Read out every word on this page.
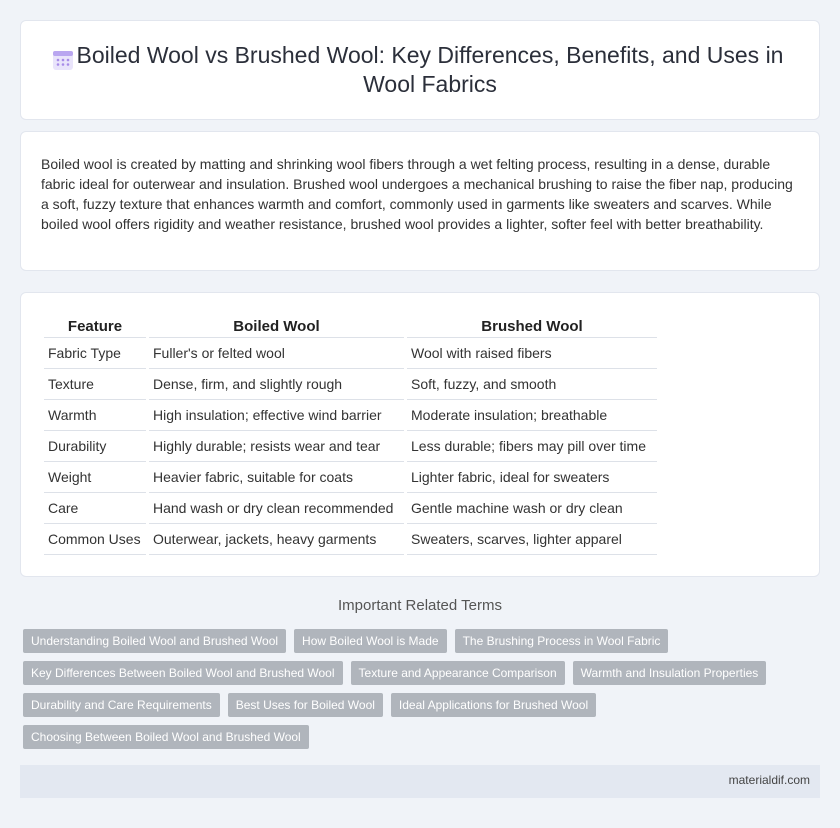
Boiled Wool vs Brushed Wool: Key Differences, Benefits, and Uses in Wool Fabrics

Boiled wool is created by matting and shrinking wool fibers through a wet felting process, resulting in a dense, durable fabric ideal for outerwear and insulation. Brushed wool undergoes a mechanical brushing to raise the fiber nap, producing a soft, fuzzy texture that enhances warmth and comfort, commonly used in garments like sweaters and scarves. While boiled wool offers rigidity and weather resistance, brushed wool provides a lighter, softer feel with better breathability.

Feature	Boiled Wool	Brushed Wool
Fabric Type	Fuller's or felted wool	Wool with raised fibers
Texture	Dense, firm, and slightly rough	Soft, fuzzy, and smooth
Warmth	High insulation; effective wind barrier	Moderate insulation; breathable
Durability	Highly durable; resists wear and tear	Less durable; fibers may pill over time
Weight	Heavier fabric, suitable for coats	Lighter fabric, ideal for sweaters
Care	Hand wash or dry clean recommended	Gentle machine wash or dry clean
Common Uses	Outerwear, jackets, heavy garments	Sweaters, scarves, lighter apparel
Important Related Terms
Understanding Boiled Wool and Brushed Wool	How Boiled Wool is Made	The Brushing Process in Wool Fabric
Key Differences Between Boiled Wool and Brushed Wool	Texture and Appearance Comparison	Warmth and Insulation Properties
Durability and Care Requirements	Best Uses for Boiled Wool	Ideal Applications for Brushed Wool
Choosing Between Boiled Wool and Brushed Wool
materialdif.com
